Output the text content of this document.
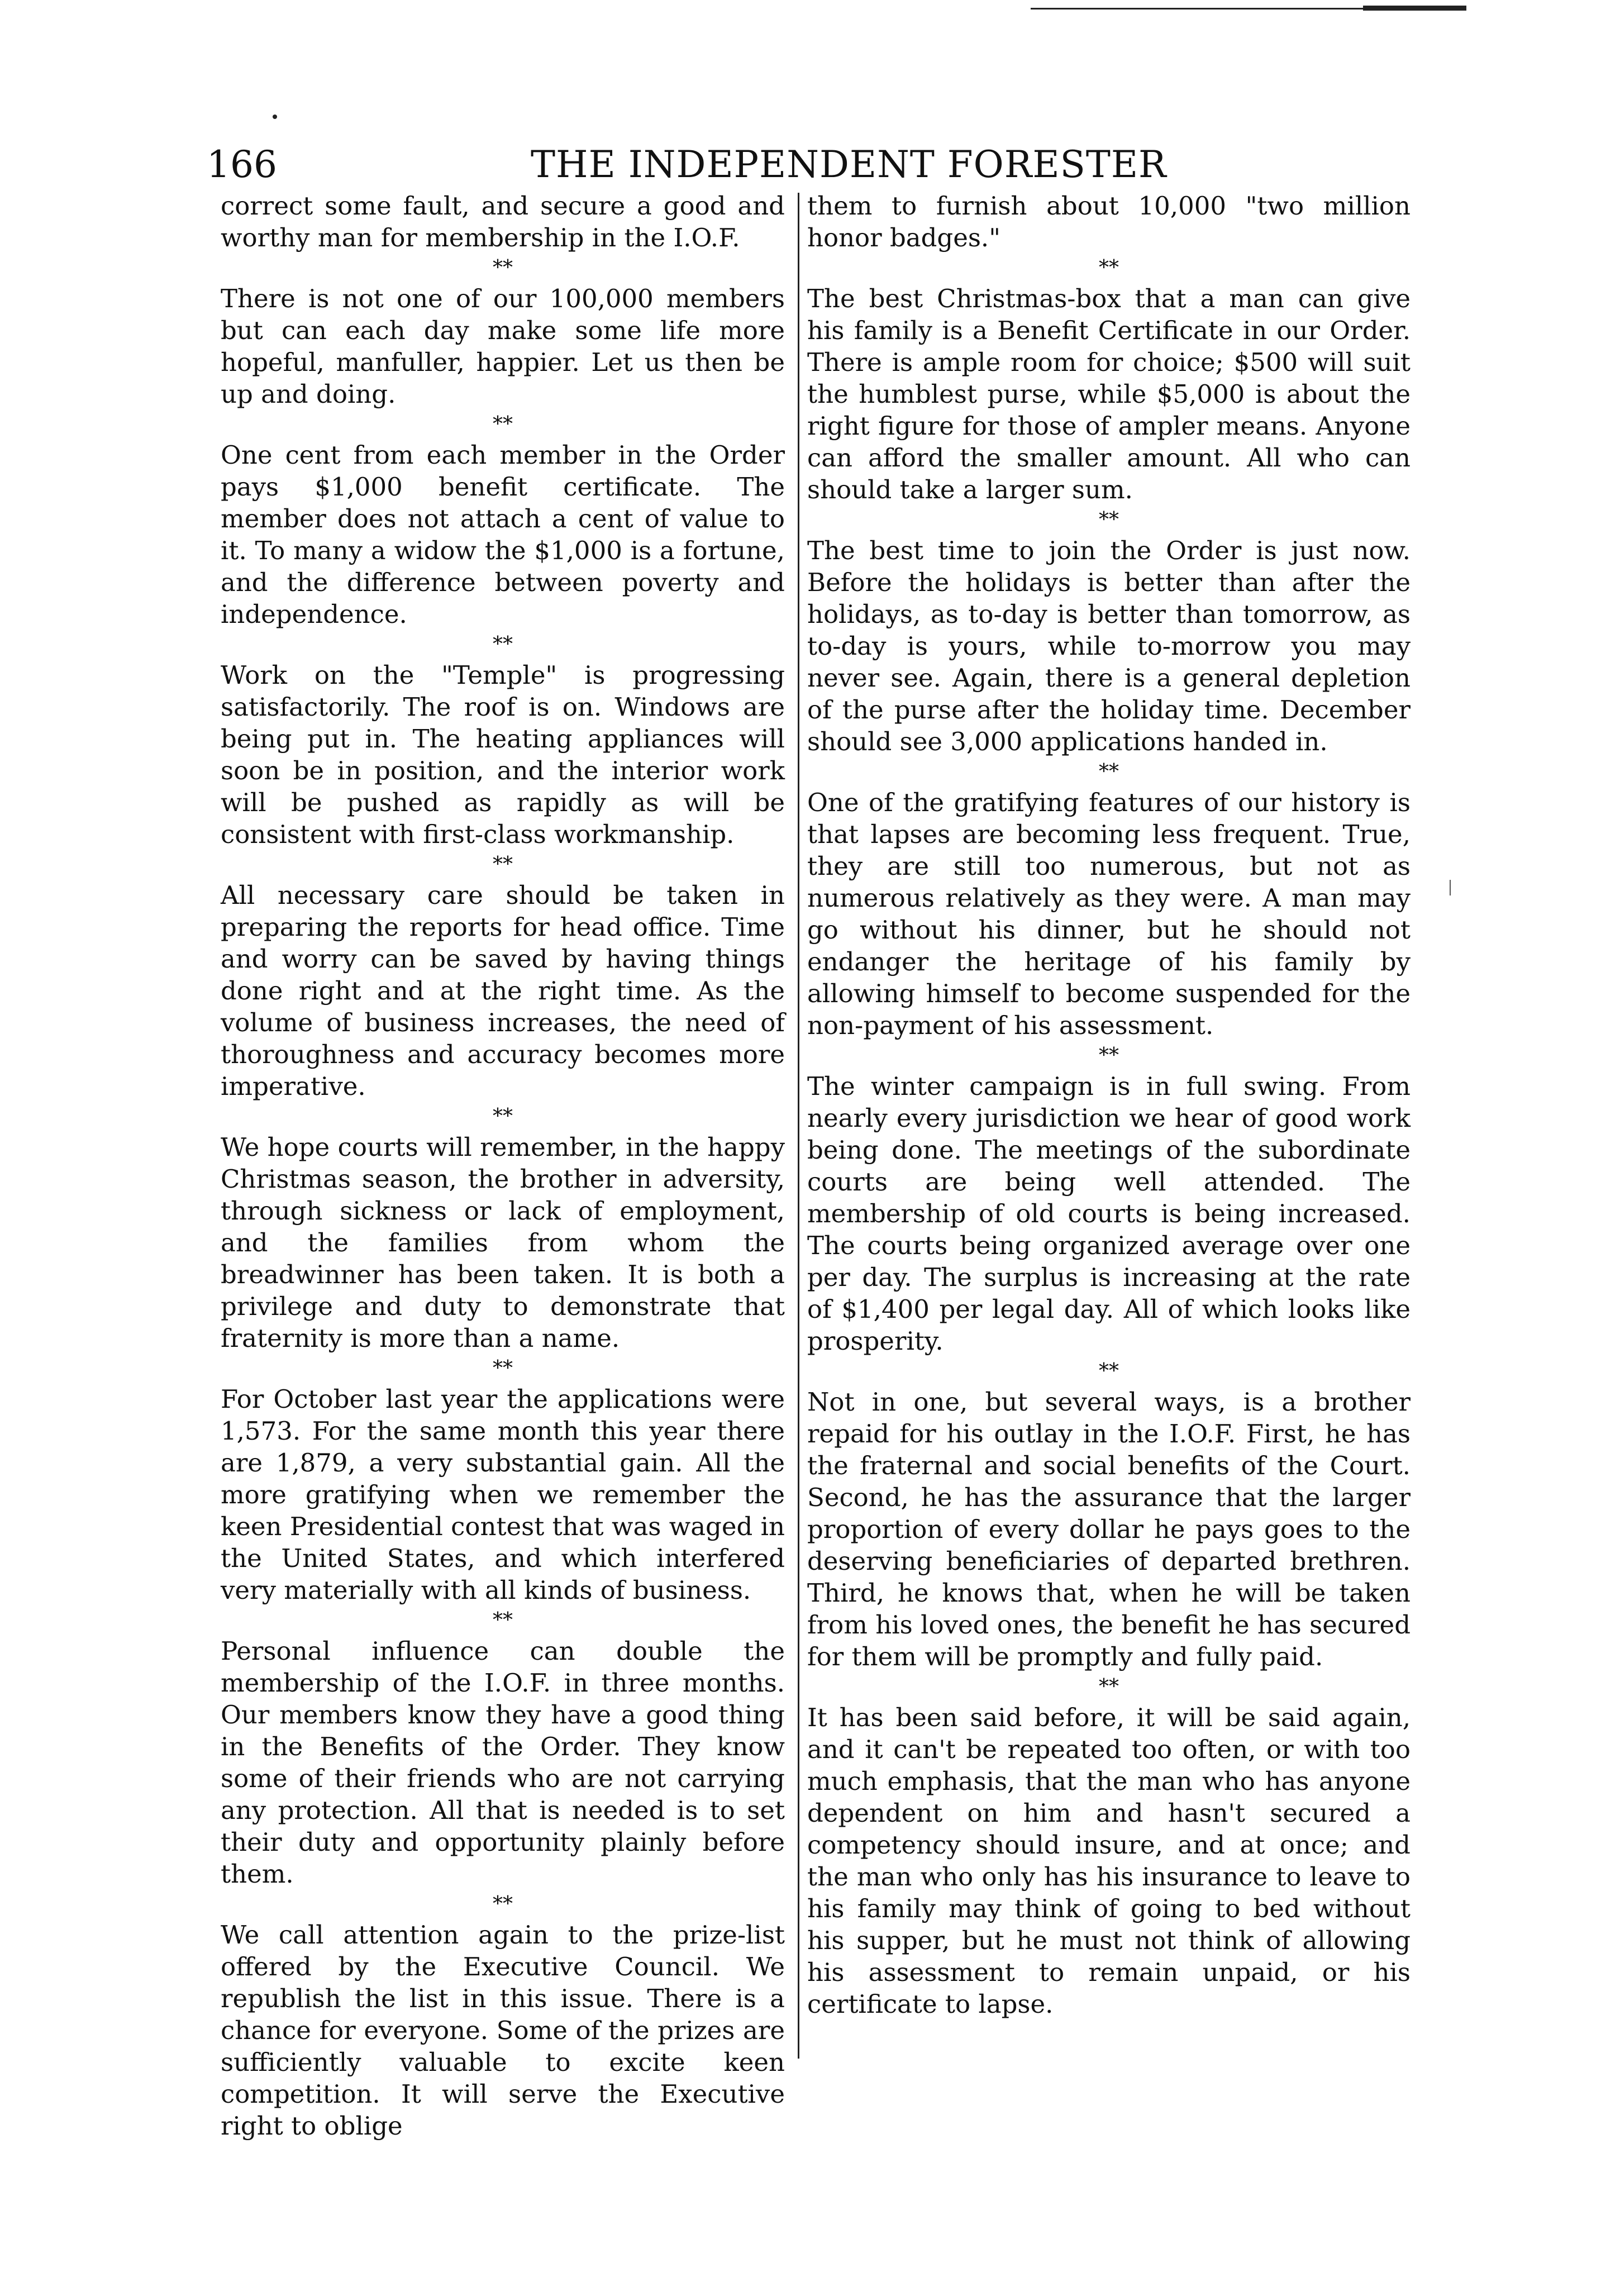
166	THE INDEPENDENT FORESTER

correct some fault, and secure a good and worthy man for membership in the I.O.F.

**

There is not one of our 100,000 members but can each day make some life more hopeful, manfuller, happier. Let us then be up and doing.

**

One cent from each member in the Order pays $1,000 benefit certificate. The member does not attach a cent of value to it. To many a widow the $1,000 is a fortune, and the difference between poverty and independence.

**

Work on the "Temple" is progressing satisfactorily. The roof is on. Windows are being put in. The heating appliances will soon be in position, and the interior work will be pushed as rapidly as will be consistent with first-class workmanship.

**

All necessary care should be taken in preparing the reports for head office. Time and worry can be saved by having things done right and at the right time. As the volume of business increases, the need of thoroughness and accuracy becomes more imperative.

**

We hope courts will remember, in the happy Christmas season, the brother in adversity, through sickness or lack of employment, and the families from whom the breadwinner has been taken. It is both a privilege and duty to demonstrate that fraternity is more than a name.

**

For October last year the applications were 1,573. For the same month this year there are 1,879, a very substantial gain. All the more gratifying when we remember the keen Presidential contest that was waged in the United States, and which interfered very materially with all kinds of business.

**

Personal influence can double the membership of the I.O.F. in three months. Our members know they have a good thing in the Benefits of the Order. They know some of their friends who are not carrying any protection. All that is needed is to set their duty and opportunity plainly before them.

**

We call attention again to the prize-list offered by the Executive Council. We republish the list in this issue. There is a chance for everyone. Some of the prizes are sufficiently valuable to excite keen competition. It will serve the Executive right to oblige

them to furnish about 10,000 "two million honor badges."

**

The best Christmas-box that a man can give his family is a Benefit Certificate in our Order. There is ample room for choice; $500 will suit the humblest purse, while $5,000 is about the right figure for those of ampler means. Anyone can afford the smaller amount. All who can should take a larger sum.

**

The best time to join the Order is just now. Before the holidays is better than after the holidays, as to-day is better than tomorrow, as to-day is yours, while to-morrow you may never see. Again, there is a general depletion of the purse after the holiday time. December should see 3,000 applications handed in.

**

One of the gratifying features of our history is that lapses are becoming less frequent. True, they are still too numerous, but not as numerous relatively as they were. A man may go without his dinner, but he should not endanger the heritage of his family by allowing himself to become suspended for the non-payment of his assessment.

**

The winter campaign is in full swing. From nearly every jurisdiction we hear of good work being done. The meetings of the subordinate courts are being well attended. The membership of old courts is being increased. The courts being organized average over one per day. The surplus is increasing at the rate of $1,400 per legal day. All of which looks like prosperity.

**

Not in one, but several ways, is a brother repaid for his outlay in the I.O.F. First, he has the fraternal and social benefits of the Court. Second, he has the assurance that the larger proportion of every dollar he pays goes to the deserving beneficiaries of departed brethren. Third, he knows that, when he will be taken from his loved ones, the benefit he has secured for them will be promptly and fully paid.

**

It has been said before, it will be said again, and it can't be repeated too often, or with too much emphasis, that the man who has anyone dependent on him and hasn't secured a competency should insure, and at once; and the man who only has his insurance to leave to his family may think of going to bed without his supper, but he must not think of allowing his assessment to remain unpaid, or his certificate to lapse.
